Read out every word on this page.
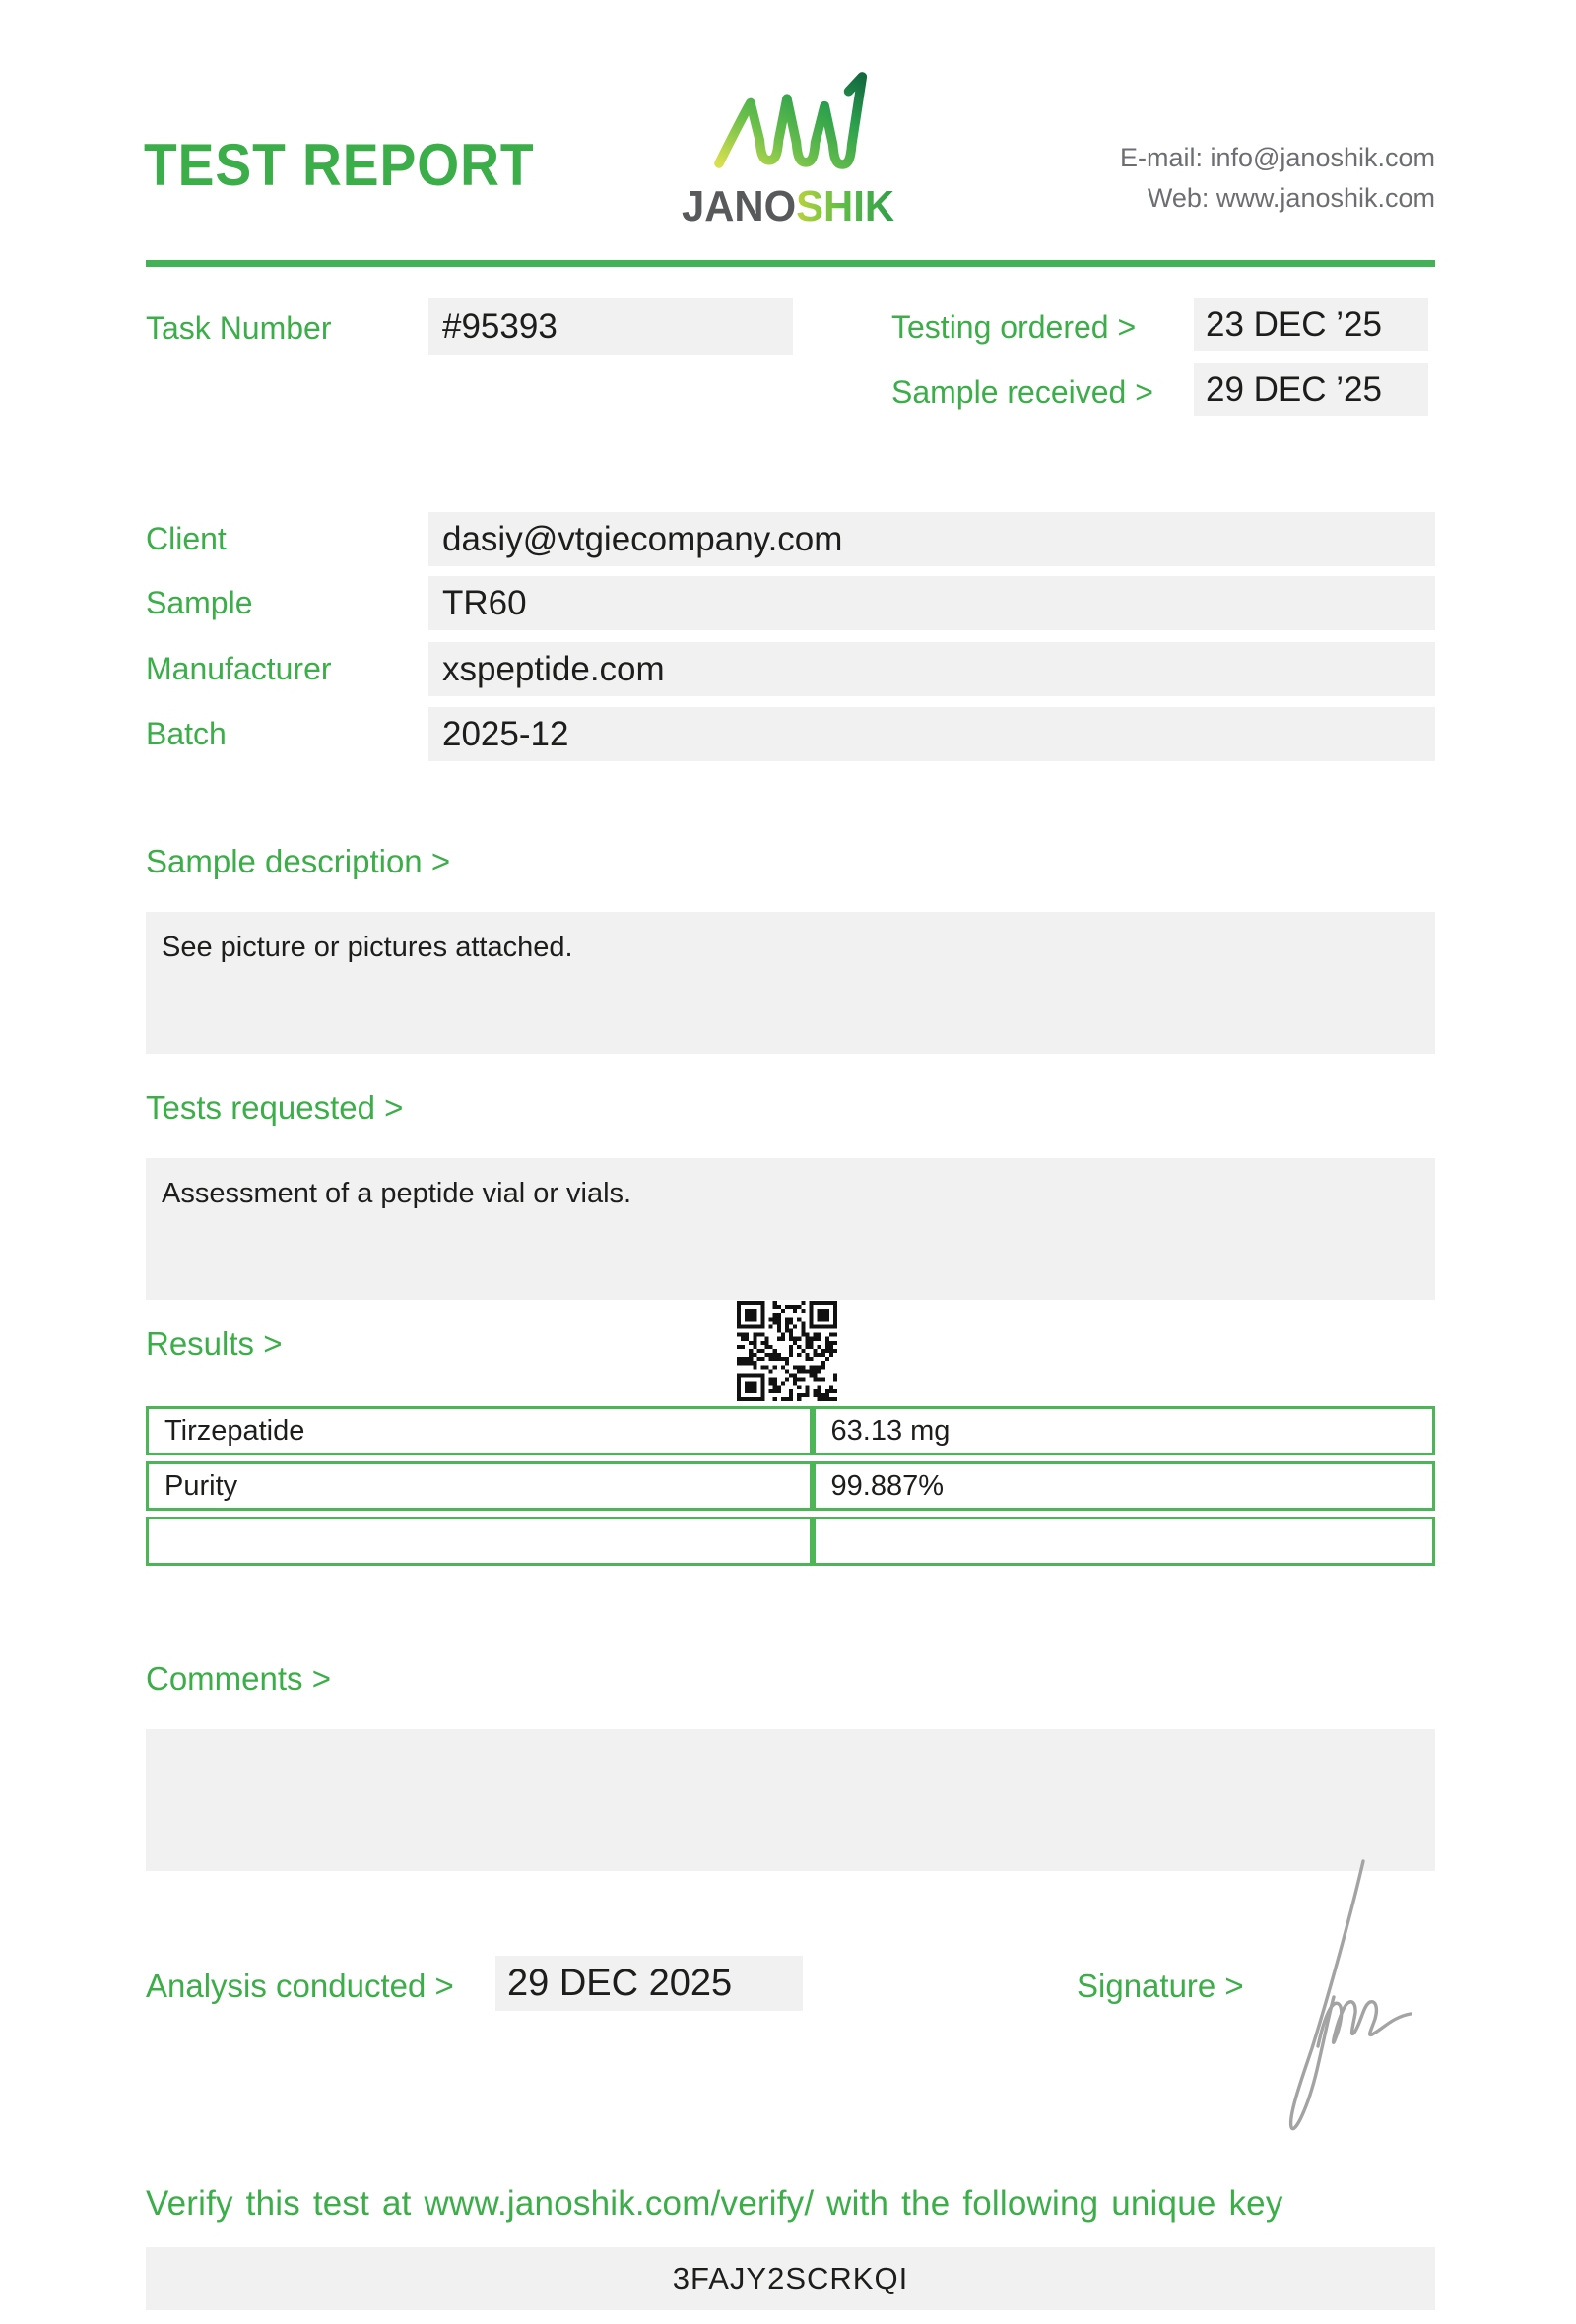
TEST REPORT
JANOSHIK
E-mail: info@janoshik.com
Web: www.janoshik.com
Task Number	#95393	Testing ordered >	23 DEC ’25
Sample received >	29 DEC ’25
Client	dasiy@vtgiecompany.com
Sample	TR60
Manufacturer	xspeptide.com
Batch	2025-12
Sample description >
See picture or pictures attached.
Tests requested >
Assessment of a peptide vial or vials.
Results >
Tirzepatide	63.13 mg
Purity	99.887%

Comments >
Analysis conducted >	29 DEC 2025	Signature >
Verify this test at www.janoshik.com/verify/ with the following unique key
3FAJY2SCRKQI
